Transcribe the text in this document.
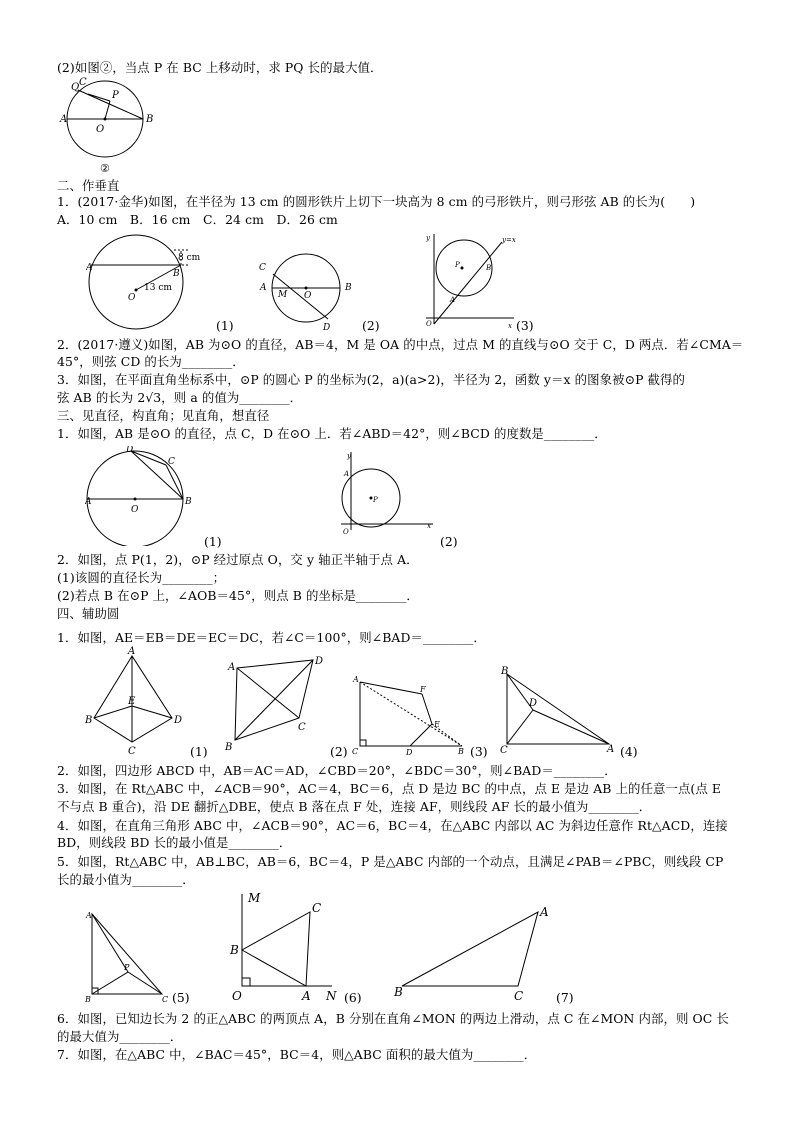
(2)如图②，当点 P 在 BC 上移动时，求 PQ 长的最大值．
二、作垂直
1．(2017·金华)如图，在半径为 13 cm 的圆形铁片上切下一块高为 8 cm 的弓形铁片，则弓形弦 AB 的长为(　　)
A．10 cm　B．16 cm　C．24 cm　D．26 cm
2．(2017·遵义)如图，AB 为⊙O 的直径，AB＝4，M 是 OA 的中点，过点 M 的直线与⊙O 交于 C，D 两点．若∠CMA＝
45°，则弦 CD 的长为________．
3．如图，在平面直角坐标系中，⊙P 的圆心 P 的坐标为(2，a)(a>2)，半径为 2，函数 y＝x 的图象被⊙P 截得的
弦 AB 的长为 2√3，则 a 的值为________．
三、见直径，构直角；见直角，想直径
1．如图，AB 是⊙O 的直径，点 C，D 在⊙O 上．若∠ABD＝42°，则∠BCD 的度数是________．
2．如图，点 P(1，2)，⊙P 经过原点 O，交 y 轴正半轴于点 A．
(1)该圆的直径长为________；
(2)若点 B 在⊙P 上，∠AOB＝45°，则点 B 的坐标是________．
四、辅助圆
1．如图，AE＝EB＝DE＝EC＝DC，若∠C＝100°，则∠BAD＝________．
2．如图，四边形 ABCD 中，AB＝AC＝AD，∠CBD＝20°，∠BDC＝30°，则∠BAD＝________．
3．如图，在 Rt△ABC 中，∠ACB＝90°，AC＝4，BC＝6，点 D 是边 BC 的中点，点 E 是边 AB 上的任意一点(点 E
不与点 B 重合)，沿 DE 翻折△DBE，使点 B 落在点 F 处，连接 AF，则线段 AF 长的最小值为________．
4．如图，在直角三角形 ABC 中，∠ACB＝90°，AC＝6，BC＝4，在△ABC 内部以 AC 为斜边任意作 Rt△ACD，连接
BD，则线段 BD 长的最小值是________．
5．如图，Rt△ABC 中，AB⊥BC，AB＝6，BC＝4，P 是△ABC 内部的一个动点，且满足∠PAB＝∠PBC，则线段 CP
长的最小值为________．
6．如图，已知边长为 2 的正△ABC 的两顶点 A，B 分别在直角∠MON 的两边上滑动，点 C 在∠MON 内部，则 OC 长
的最大值为________．
7．如图，在△ABC 中，∠BAC＝45°，BC＝4，则△ABC 面积的最大值为________．
Q C
P
A	B
O
②
A
B
O
13 cm
8 cm
(1)
C
A
M O
B
D	(2)
y	y=x
P	B
A
O	x (3)
D
C
A	B
O
(1)
y
A
P
O
x
(2)
A
B	D
E
C	(1)
A
D
C
B	(2)
A
F
E
C	D	B (3)
B
D
C	A (4)
A
P
B	C (5)
M
B
C
A N
O	(6)	B	C
A
(7)
